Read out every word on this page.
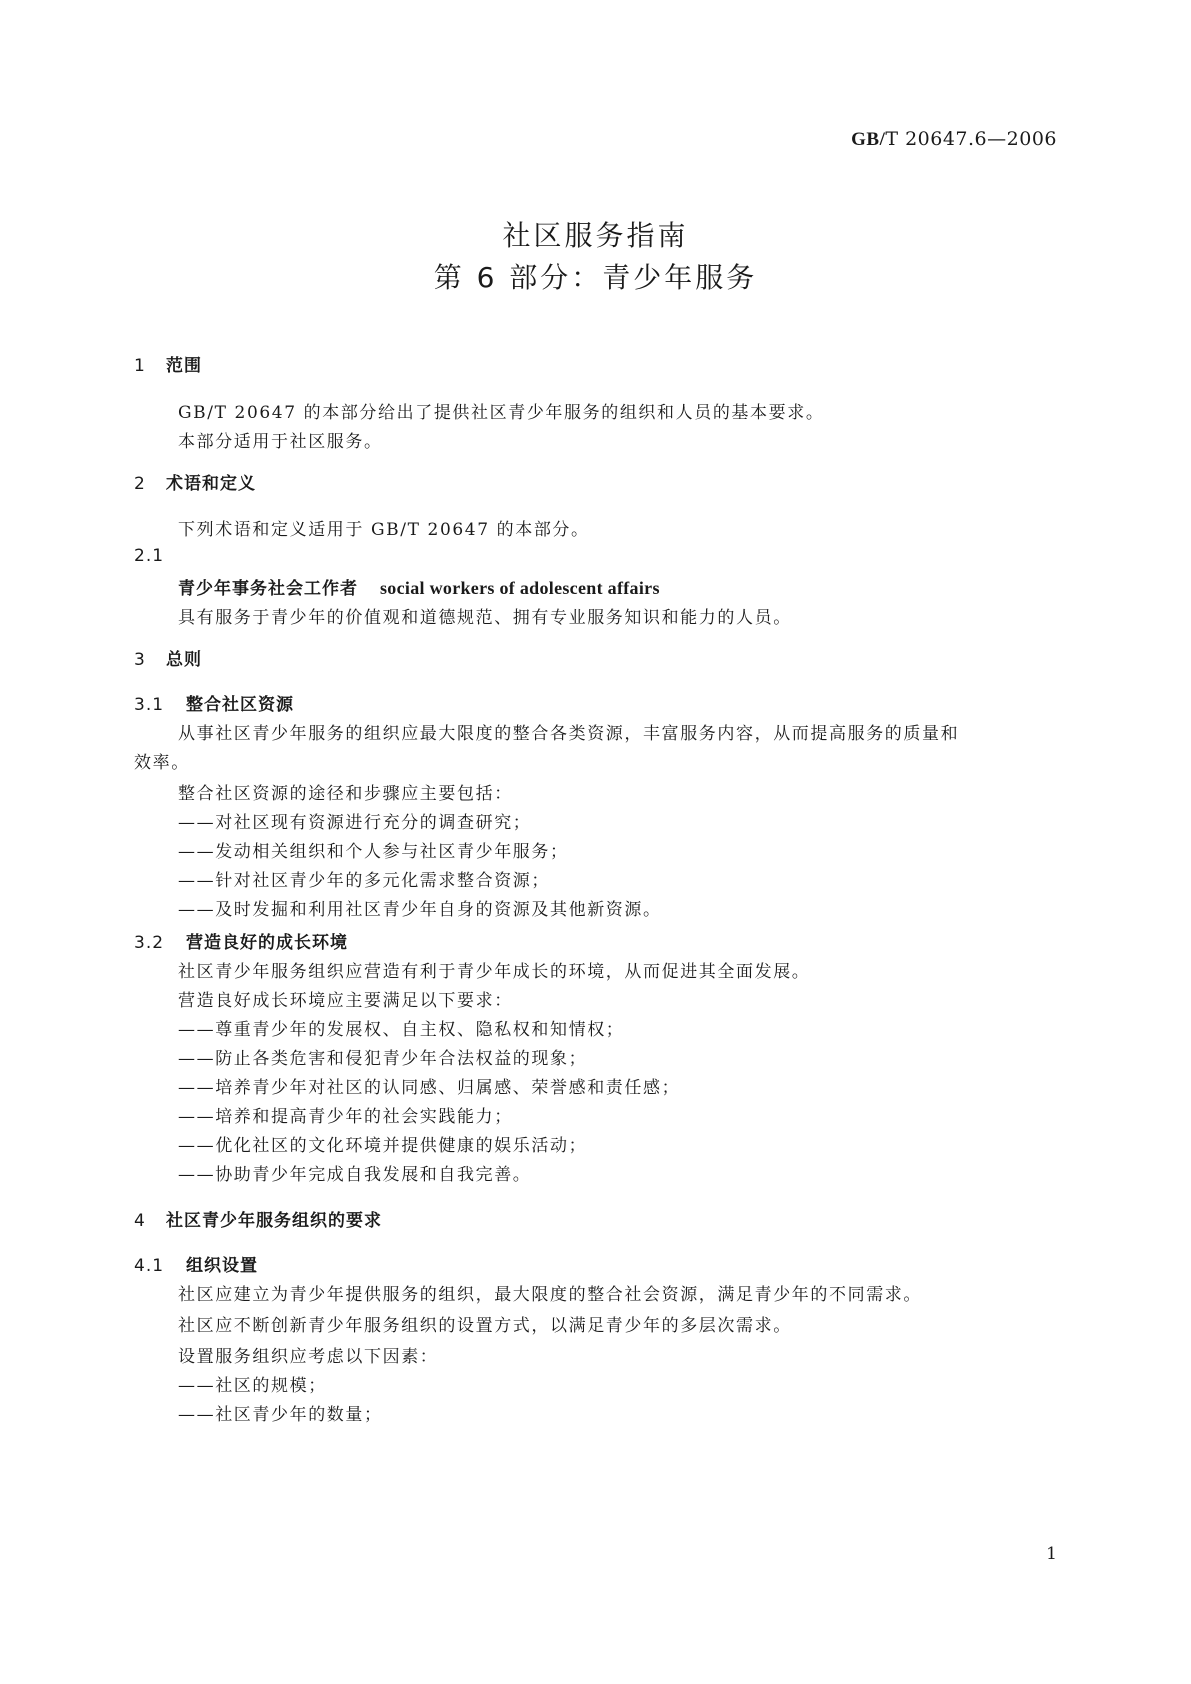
GB/T 20647.6—2006
社区服务指南
第 6 部分：青少年服务
1 范围
GB/T 20647 的本部分给出了提供社区青少年服务的组织和人员的基本要求。
本部分适用于社区服务。
2 术语和定义
下列术语和定义适用于 GB/T 20647 的本部分。
2.1
青少年事务社会工作者 social workers of adolescent affairs
具有服务于青少年的价值观和道德规范、拥有专业服务知识和能力的人员。
3 总则
3.1 整合社区资源
从事社区青少年服务的组织应最大限度的整合各类资源，丰富服务内容，从而提高服务的质量和
效率。
整合社区资源的途径和步骤应主要包括：
——对社区现有资源进行充分的调查研究；
——发动相关组织和个人参与社区青少年服务；
——针对社区青少年的多元化需求整合资源；
——及时发掘和利用社区青少年自身的资源及其他新资源。
3.2 营造良好的成长环境
社区青少年服务组织应营造有利于青少年成长的环境，从而促进其全面发展。
营造良好成长环境应主要满足以下要求：
——尊重青少年的发展权、自主权、隐私权和知情权；
——防止各类危害和侵犯青少年合法权益的现象；
——培养青少年对社区的认同感、归属感、荣誉感和责任感；
——培养和提高青少年的社会实践能力；
——优化社区的文化环境并提供健康的娱乐活动；
——协助青少年完成自我发展和自我完善。
4 社区青少年服务组织的要求
4.1 组织设置
社区应建立为青少年提供服务的组织，最大限度的整合社会资源，满足青少年的不同需求。
社区应不断创新青少年服务组织的设置方式，以满足青少年的多层次需求。
设置服务组织应考虑以下因素：
——社区的规模；
——社区青少年的数量；
1
